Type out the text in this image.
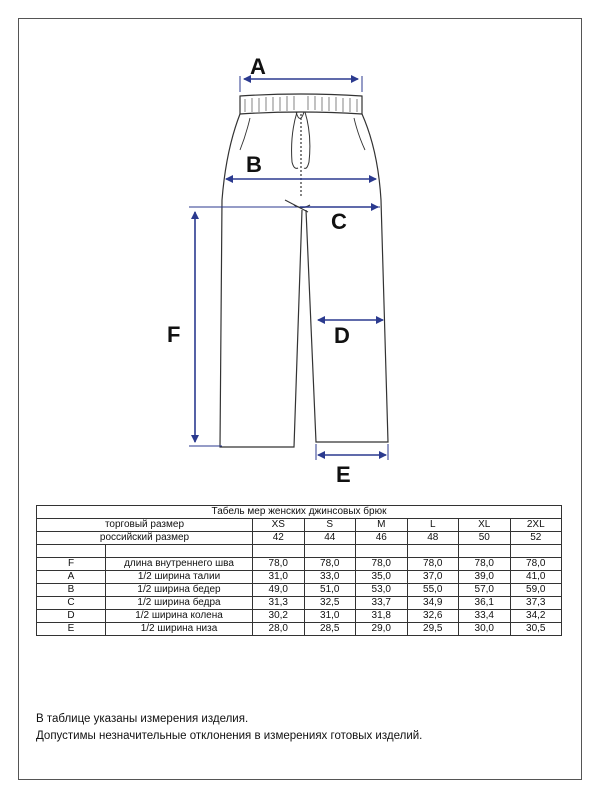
A
B
C
D
E
F
Табель мер женских джинсовых брюк							
торговый размер		XS	S	M	L	XL	2XL
российский размер		42	44	46	48	50	52

F	длина внутреннего шва	78,0	78,0	78,0	78,0	78,0	78,0
A	1/2 ширина талии	31,0	33,0	35,0	37,0	39,0	41,0
B	1/2 ширина бедер	49,0	51,0	53,0	55,0	57,0	59,0
C	1/2 ширина бедра	31,3	32,5	33,7	34,9	36,1	37,3
D	1/2 ширина колена	30,2	31,0	31,8	32,6	33,4	34,2
E	1/2 ширина низа	28,0	28,5	29,0	29,5	30,0	30,5
В таблице указаны измерения изделия.
Допустимы незначительные отклонения в измерениях готовых изделий.
